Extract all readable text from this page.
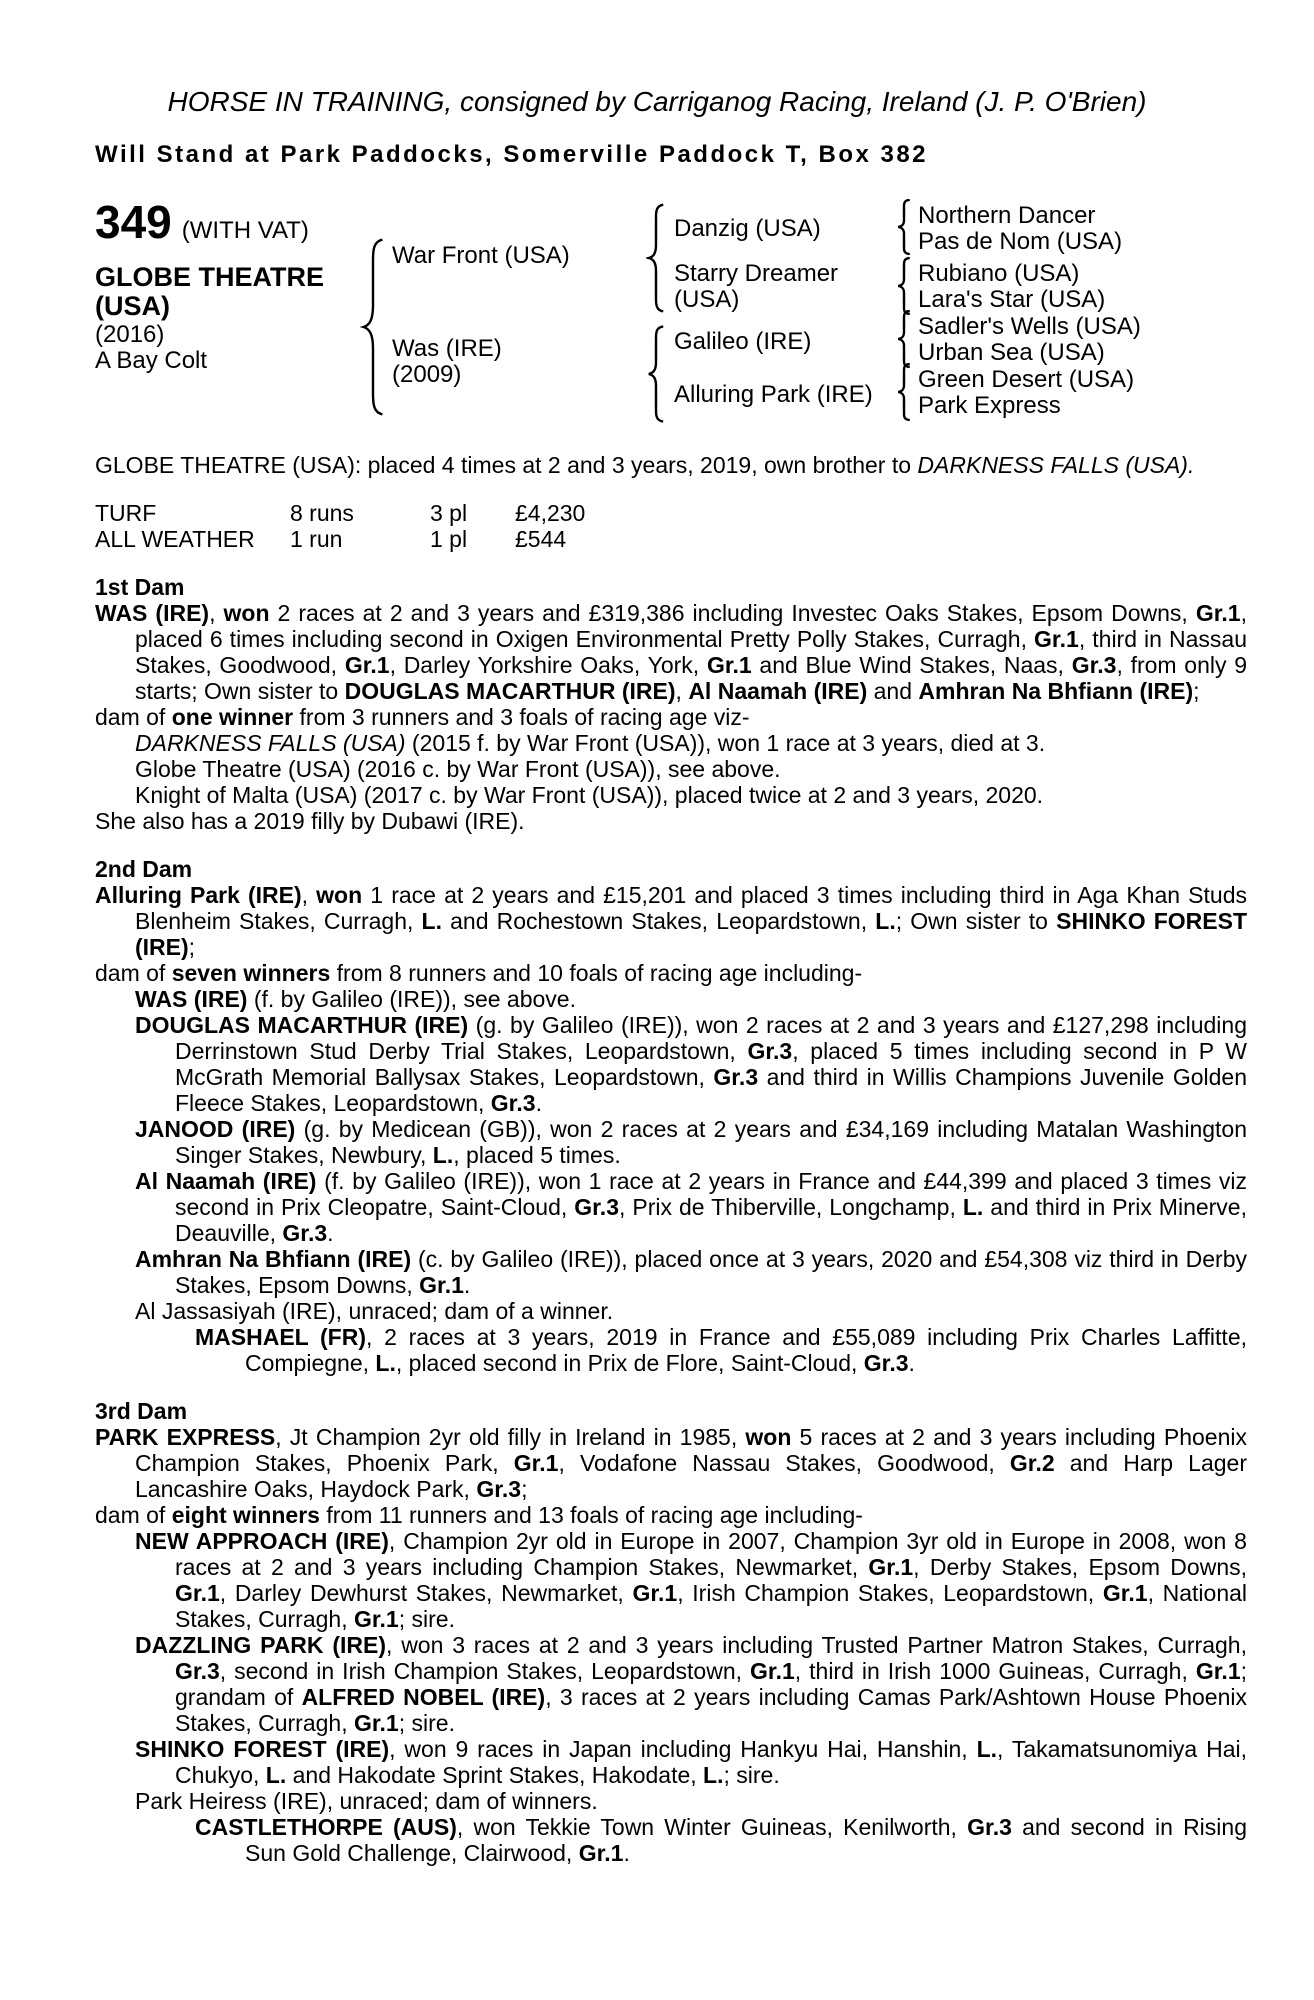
HORSE IN TRAINING, consigned by Carriganog Racing, Ireland (J. P. O'Brien)
Will Stand at Park Paddocks, Somerville Paddock T, Box 382
349 (WITH VAT)
GLOBE THEATRE
(USA)
(2016)
A Bay Colt
War Front (USA)
Was (IRE)
(2009)
Danzig (USA)
Starry Dreamer (USA)
Galileo (IRE)
Alluring Park (IRE)
Northern Dancer
Pas de Nom (USA)
Rubiano (USA)
Lara's Star (USA)
Sadler's Wells (USA)
Urban Sea (USA)
Green Desert (USA)
Park Express

GLOBE THEATRE (USA): placed 4 times at 2 and 3 years, 2019, own brother to DARKNESS FALLS (USA).

TURF	8 runs	3 pl	£4,230
ALL WEATHER	1 run	1 pl	£544

1st Dam

WAS (IRE), won 2 races at 2 and 3 years and £319,386 including Investec Oaks Stakes, Epsom Downs, Gr.1, placed 6 times including second in Oxigen Environmental Pretty Polly Stakes, Curragh, Gr.1, third in Nassau Stakes, Goodwood, Gr.1, Darley Yorkshire Oaks, York, Gr.1 and Blue Wind Stakes, Naas, Gr.3, from only 9 starts; Own sister to DOUGLAS MACARTHUR (IRE), Al Naamah (IRE) and Amhran Na Bhfiann (IRE);

dam of one winner from 3 runners and 3 foals of racing age viz-

DARKNESS FALLS (USA) (2015 f. by War Front (USA)), won 1 race at 3 years, died at 3.

Globe Theatre (USA) (2016 c. by War Front (USA)), see above.

Knight of Malta (USA) (2017 c. by War Front (USA)), placed twice at 2 and 3 years, 2020.

She also has a 2019 filly by Dubawi (IRE).

2nd Dam

Alluring Park (IRE), won 1 race at 2 years and £15,201 and placed 3 times including third in Aga Khan Studs Blenheim Stakes, Curragh, L. and Rochestown Stakes, Leopardstown, L.; Own sister to SHINKO FOREST (IRE);

dam of seven winners from 8 runners and 10 foals of racing age including-

WAS (IRE) (f. by Galileo (IRE)), see above.

DOUGLAS MACARTHUR (IRE) (g. by Galileo (IRE)), won 2 races at 2 and 3 years and £127,298 including Derrinstown Stud Derby Trial Stakes, Leopardstown, Gr.3, placed 5 times including second in P W McGrath Memorial Ballysax Stakes, Leopardstown, Gr.3 and third in Willis Champions Juvenile Golden Fleece Stakes, Leopardstown, Gr.3.

JANOOD (IRE) (g. by Medicean (GB)), won 2 races at 2 years and £34,169 including Matalan Washington Singer Stakes, Newbury, L., placed 5 times.

Al Naamah (IRE) (f. by Galileo (IRE)), won 1 race at 2 years in France and £44,399 and placed 3 times viz second in Prix Cleopatre, Saint-Cloud, Gr.3, Prix de Thiberville, Longchamp, L. and third in Prix Minerve, Deauville, Gr.3.

Amhran Na Bhfiann (IRE) (c. by Galileo (IRE)), placed once at 3 years, 2020 and £54,308 viz third in Derby Stakes, Epsom Downs, Gr.1.

Al Jassasiyah (IRE), unraced; dam of a winner.

MASHAEL (FR), 2 races at 3 years, 2019 in France and £55,089 including Prix Charles Laffitte, Compiegne, L., placed second in Prix de Flore, Saint-Cloud, Gr.3.

3rd Dam

PARK EXPRESS, Jt Champion 2yr old filly in Ireland in 1985, won 5 races at 2 and 3 years including Phoenix Champion Stakes, Phoenix Park, Gr.1, Vodafone Nassau Stakes, Goodwood, Gr.2 and Harp Lager Lancashire Oaks, Haydock Park, Gr.3;

dam of eight winners from 11 runners and 13 foals of racing age including-

NEW APPROACH (IRE), Champion 2yr old in Europe in 2007, Champion 3yr old in Europe in 2008, won 8 races at 2 and 3 years including Champion Stakes, Newmarket, Gr.1, Derby Stakes, Epsom Downs, Gr.1, Darley Dewhurst Stakes, Newmarket, Gr.1, Irish Champion Stakes, Leopardstown, Gr.1, National Stakes, Curragh, Gr.1; sire.

DAZZLING PARK (IRE), won 3 races at 2 and 3 years including Trusted Partner Matron Stakes, Curragh, Gr.3, second in Irish Champion Stakes, Leopardstown, Gr.1, third in Irish 1000 Guineas, Curragh, Gr.1; grandam of ALFRED NOBEL (IRE), 3 races at 2 years including Camas Park/Ashtown House Phoenix Stakes, Curragh, Gr.1; sire.

SHINKO FOREST (IRE), won 9 races in Japan including Hankyu Hai, Hanshin, L., Takamatsunomiya Hai, Chukyo, L. and Hakodate Sprint Stakes, Hakodate, L.; sire.

Park Heiress (IRE), unraced; dam of winners.

CASTLETHORPE (AUS), won Tekkie Town Winter Guineas, Kenilworth, Gr.3 and second in Rising Sun Gold Challenge, Clairwood, Gr.1.
